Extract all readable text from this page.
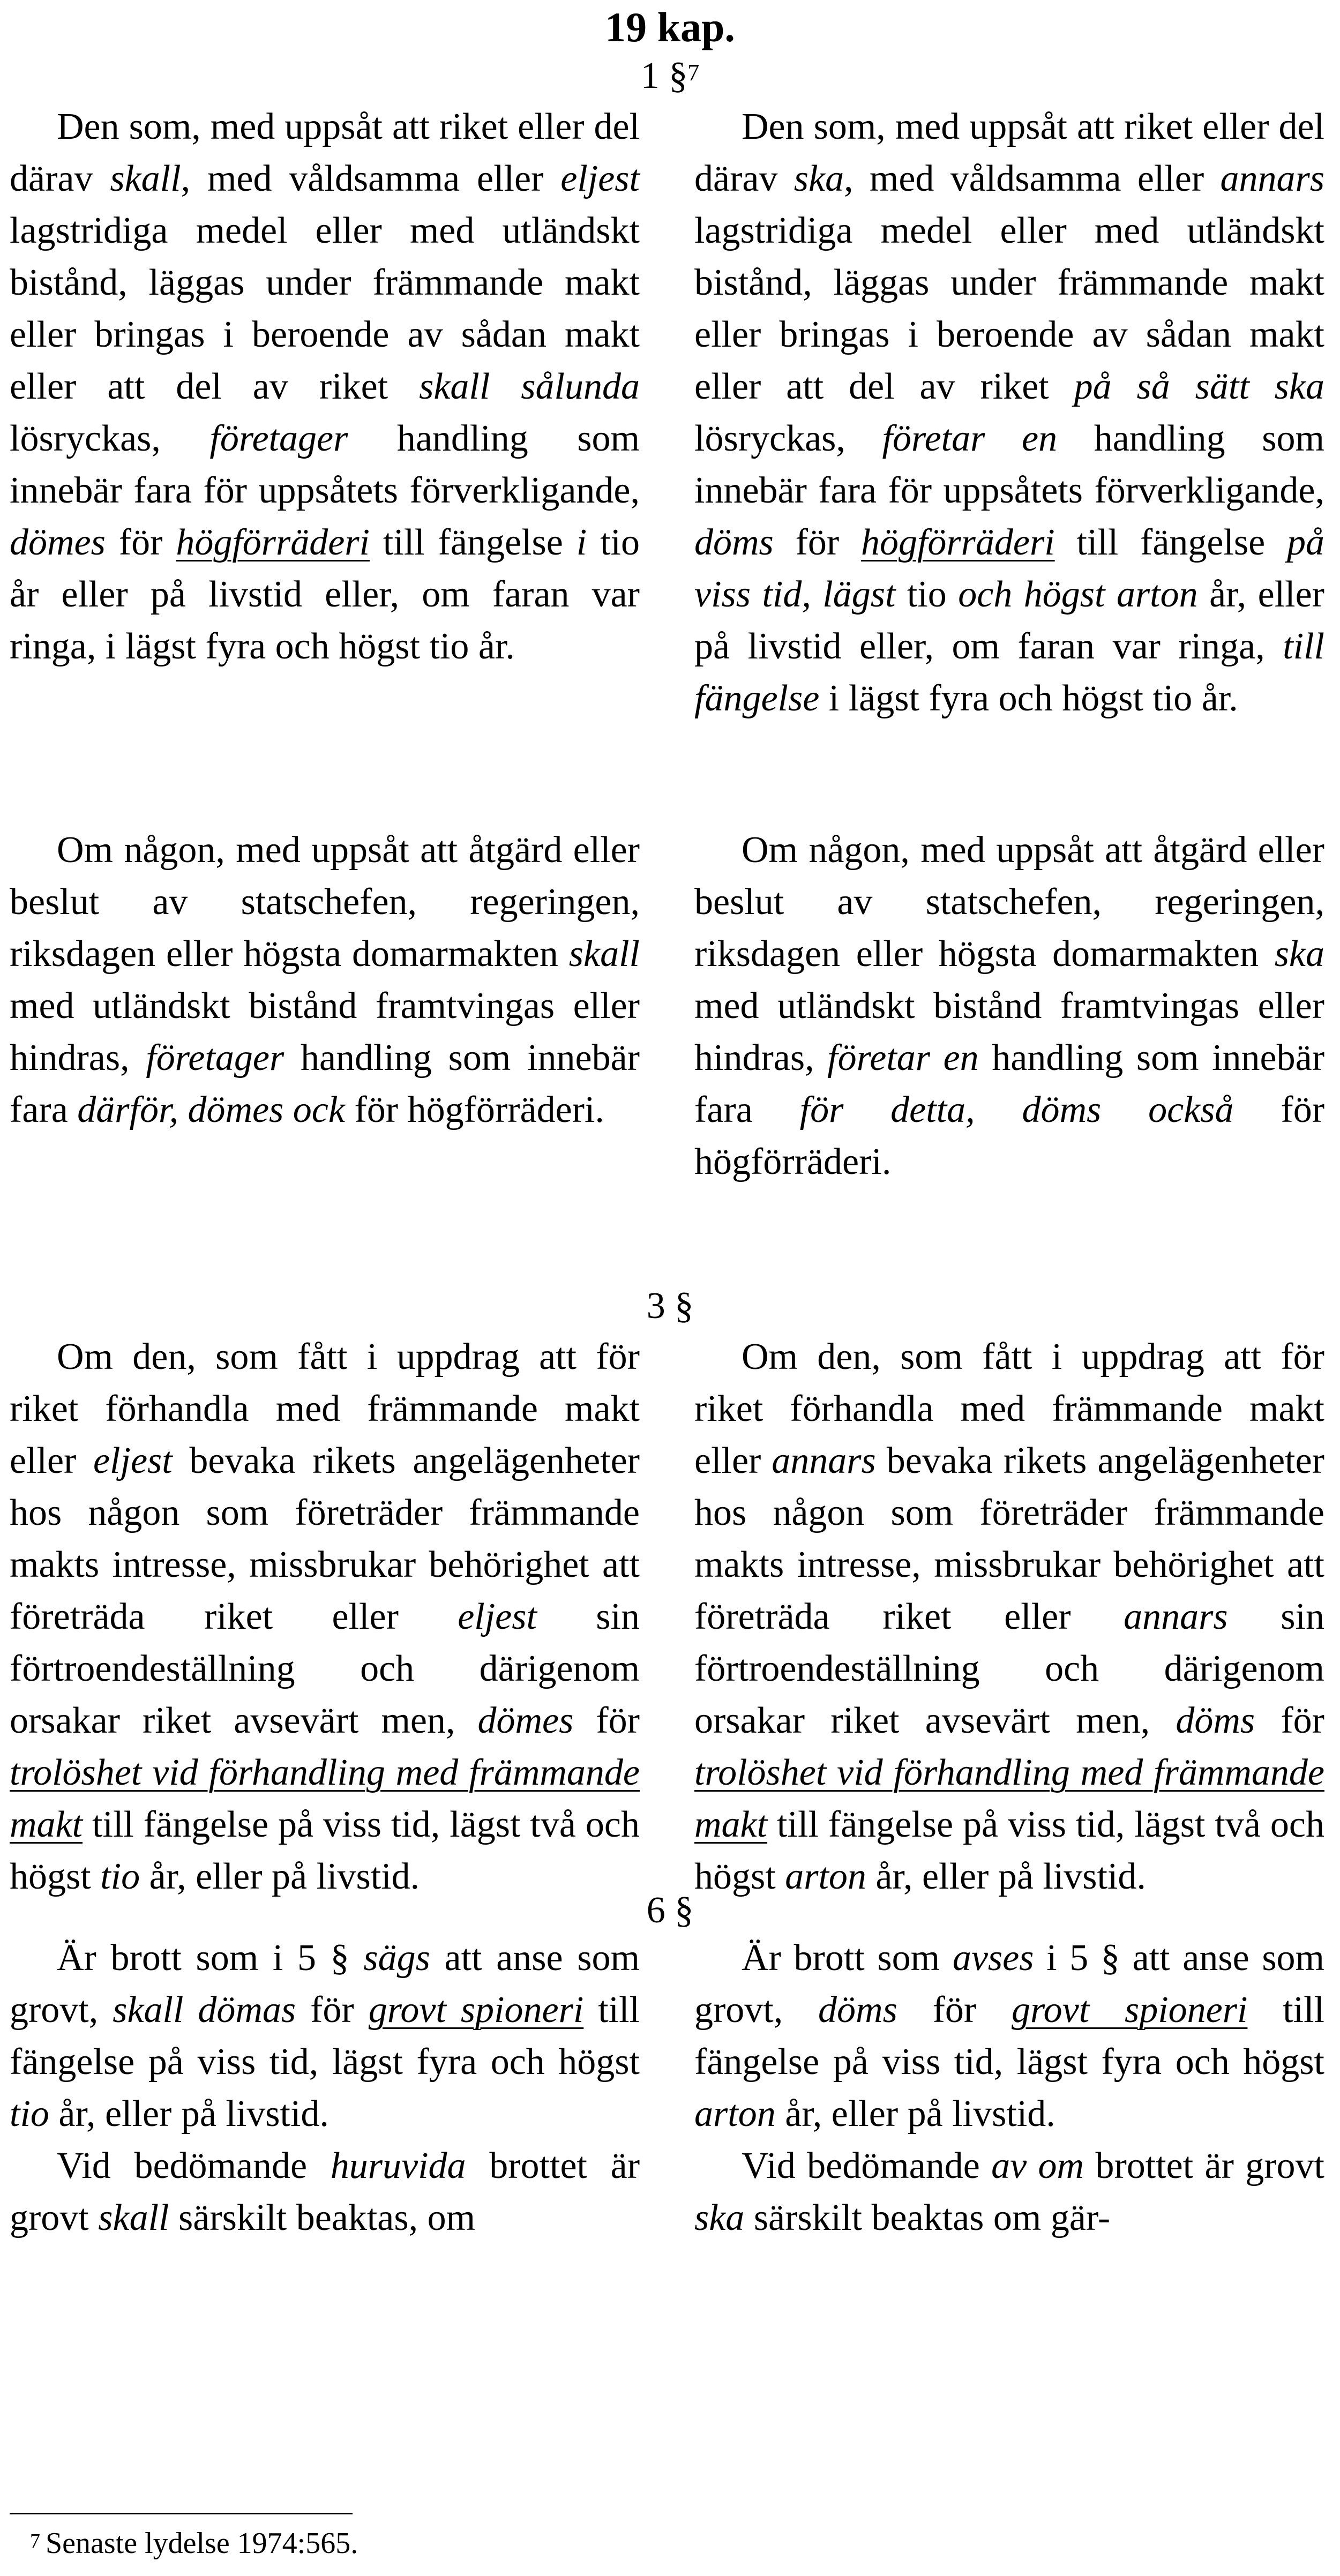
19 kap.
1 §$^7$
3 §
6 §

Den som, med uppsåt att riket eller del därav skall, med våldsamma eller eljest lagstridiga medel eller med utländskt bistånd, läggas under främmande makt eller bringas i beroende av sådan makt eller att del av riket skall sålunda lösryckas, företager handling som innebär fara för uppsåtets förverkligande, dömes för högförräderi till fängelse i tio år eller på livstid eller, om faran var ringa, i lägst fyra och högst tio år.

Om någon, med uppsåt att åtgärd eller beslut av statschefen, regeringen, riksdagen eller högsta domarmakten skall med utländskt bistånd framtvingas eller hindras, företager handling som innebär fara därför, dömes ock för högförräderi.

Om den, som fått i uppdrag att för riket förhandla med främmande makt eller eljest bevaka rikets angelägenheter hos någon som företräder främmande makts intresse, missbrukar behörighet att företräda riket eller eljest sin förtroendeställning och därigenom orsakar riket avsevärt men, dömes för trolöshet vid förhandling med främmande makt till fängelse på viss tid, lägst två och högst tio år, eller på livstid.

Är brott som i 5 § sägs att anse som grovt, skall dömas för grovt spioneri till fängelse på viss tid, lägst fyra och högst tio år, eller på livstid.

Vid bedömande huruvida brottet är grovt skall särskilt beaktas, om

Den som, med uppsåt att riket eller del därav ska, med våldsamma eller annars lagstridiga medel eller med utländskt bistånd, läggas under främmande makt eller bringas i beroende av sådan makt eller att del av riket på så sätt ska lösryckas, företar en handling som innebär fara för uppsåtets förverkligande, döms för högförräderi till fängelse på viss tid, lägst tio och högst arton år, eller på livstid eller, om faran var ringa, till fängelse i lägst fyra och högst tio år.

Om någon, med uppsåt att åtgärd eller beslut av statschefen, regeringen, riksdagen eller högsta domarmakten ska med utländskt bistånd framtvingas eller hindras, företar en handling som innebär fara för detta, döms också för högförräderi.

Om den, som fått i uppdrag att för riket förhandla med främmande makt eller annars bevaka rikets angelägenheter hos någon som företräder främmande makts intresse, missbrukar behörighet att företräda riket eller annars sin förtroendeställning och därigenom orsakar riket avsevärt men, döms för trolöshet vid förhandling med främmande makt till fängelse på viss tid, lägst två och högst arton år, eller på livstid.

Är brott som avses i 5 § att anse som grovt, döms för grovt spioneri till fängelse på viss tid, lägst fyra och högst arton år, eller på livstid.

Vid bedömande av om brottet är grovt ska särskilt beaktas om gär-

$^7$ Senaste lydelse 1974:565.
